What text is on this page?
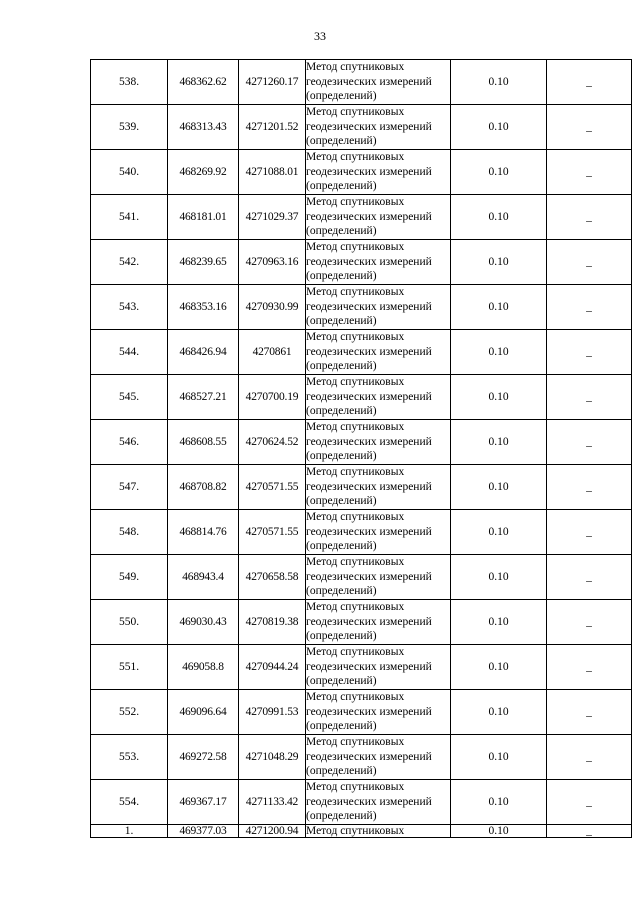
33
538.	468362.62	4271260.17	Метод спутниковых геодезических измерений (определений)	0.10	_
539.	468313.43	4271201.52	Метод спутниковых геодезических измерений (определений)	0.10	_
540.	468269.92	4271088.01	Метод спутниковых геодезических измерений (определений)	0.10	_
541.	468181.01	4271029.37	Метод спутниковых геодезических измерений (определений)	0.10	_
542.	468239.65	4270963.16	Метод спутниковых геодезических измерений (определений)	0.10	_
543.	468353.16	4270930.99	Метод спутниковых геодезических измерений (определений)	0.10	_
544.	468426.94	4270861	Метод спутниковых геодезических измерений (определений)	0.10	_
545.	468527.21	4270700.19	Метод спутниковых геодезических измерений (определений)	0.10	_
546.	468608.55	4270624.52	Метод спутниковых геодезических измерений (определений)	0.10	_
547.	468708.82	4270571.55	Метод спутниковых геодезических измерений (определений)	0.10	_
548.	468814.76	4270571.55	Метод спутниковых геодезических измерений (определений)	0.10	_
549.	468943.4	4270658.58	Метод спутниковых геодезических измерений (определений)	0.10	_
550.	469030.43	4270819.38	Метод спутниковых геодезических измерений (определений)	0.10	_
551.	469058.8	4270944.24	Метод спутниковых геодезических измерений (определений)	0.10	_
552.	469096.64	4270991.53	Метод спутниковых геодезических измерений (определений)	0.10	_
553.	469272.58	4271048.29	Метод спутниковых геодезических измерений (определений)	0.10	_
554.	469367.17	4271133.42	Метод спутниковых геодезических измерений (определений)	0.10	_
1.	469377.03	4271200.94	Метод спутниковых	0.10	_
